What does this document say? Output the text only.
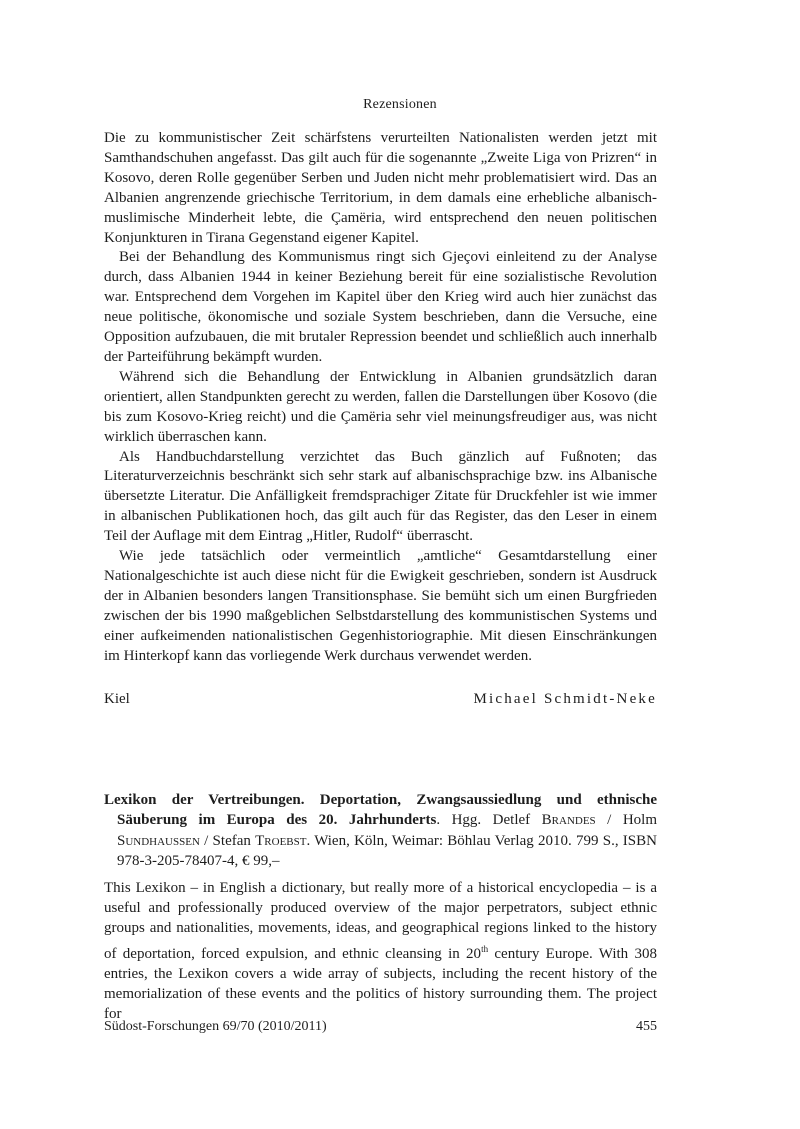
Rezensionen

Die zu kommunistischer Zeit schärfstens verurteilten Nationalisten werden jetzt mit Samthandschuhen angefasst. Das gilt auch für die sogenannte „Zweite Liga von Prizren“ in Kosovo, deren Rolle gegenüber Serben und Juden nicht mehr problematisiert wird. Das an Albanien angrenzende griechische Territorium, in dem damals eine erhebliche albanisch-muslimische Minderheit lebte, die Çamëria, wird entsprechend den neuen politischen Konjunkturen in Tirana Gegenstand eigener Kapitel.

Bei der Behandlung des Kommunismus ringt sich Gjeçovi einleitend zu der Analyse durch, dass Albanien 1944 in keiner Beziehung bereit für eine sozialistische Revolution war. Entsprechend dem Vorgehen im Kapitel über den Krieg wird auch hier zunächst das neue politische, ökonomische und soziale System beschrieben, dann die Versuche, eine Opposition aufzubauen, die mit brutaler Repression beendet und schließlich auch innerhalb der Parteiführung bekämpft wurden.

Während sich die Behandlung der Entwicklung in Albanien grundsätzlich daran orientiert, allen Standpunkten gerecht zu werden, fallen die Darstellungen über Kosovo (die bis zum Kosovo-Krieg reicht) und die Çamëria sehr viel meinungsfreudiger aus, was nicht wirklich überraschen kann.

Als Handbuchdarstellung verzichtet das Buch gänzlich auf Fußnoten; das Literaturverzeichnis beschränkt sich sehr stark auf albanischsprachige bzw. ins Albanische übersetzte Literatur. Die Anfälligkeit fremdsprachiger Zitate für Druckfehler ist wie immer in albanischen Publikationen hoch, das gilt auch für das Register, das den Leser in einem Teil der Auflage mit dem Eintrag „Hitler, Rudolf“ überrascht.

Wie jede tatsächlich oder vermeintlich „amtliche“ Gesamtdarstellung einer Nationalgeschichte ist auch diese nicht für die Ewigkeit geschrieben, sondern ist Ausdruck der in Albanien besonders langen Transitionsphase. Sie bemüht sich um einen Burgfrieden zwischen der bis 1990 maßgeblichen Selbstdarstellung des kommunistischen Systems und einer aufkeimenden nationalistischen Gegenhistoriographie. Mit diesen Einschränkungen im Hinterkopf kann das vorliegende Werk durchaus verwendet werden.

Kiel	Michael Schmidt-Neke
Lexikon der Vertreibungen. Deportation, Zwangsaussiedlung und ethnische Säuberung im Europa des 20. Jahrhunderts. Hgg. Detlef Brandes / Holm Sundhaussen / Stefan Troebst. Wien, Köln, Weimar: Böhlau Verlag 2010. 799 S., ISBN 978-3-205-78407-4, € 99,–

This Lexikon – in English a dictionary, but really more of a historical encyclopedia – is a useful and professionally produced overview of the major perpetrators, subject ethnic groups and nationalities, movements, ideas, and geographical regions linked to the history of deportation, forced expulsion, and ethnic cleansing in 20th century Europe. With 308 entries, the Lexikon covers a wide array of subjects, including the recent history of the memorialization of these events and the politics of history surrounding them. The project for

Südost-Forschungen 69/70 (2010/2011)	455
